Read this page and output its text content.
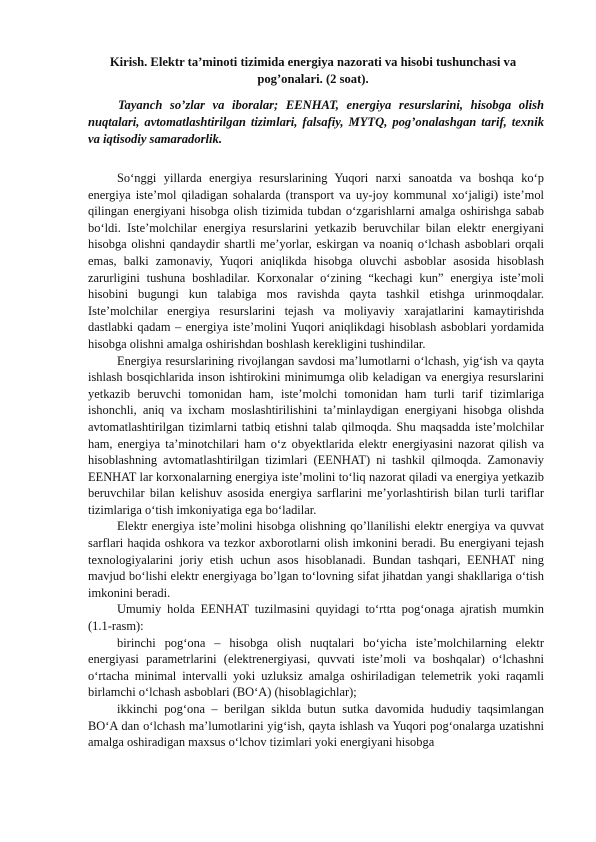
Kirish. Elektr ta’minoti tizimida energiya nazorati va hisobi tushunchasi va pog’onalari. (2 soat).
Tayanch so’zlar va iboralar; EENHAT, energiya resurslarini, hisobga olish nuqtalari, avtomatlashtirilgan tizimlari, falsafiy, MYTQ, pog’onalashgan tarif, texnik va iqtisodiy samaradorlik.

So‘nggi yillarda energiya resurslarining Yuqori narxi sanoatda va boshqa ko‘p energiya iste’mol qiladigan sohalarda (transport va uy-joy kommunal xo‘jaligi) iste’mol qilingan energiyani hisobga olish tizimida tubdan o‘zgarishlarni amalga oshirishga sabab bo‘ldi. Iste’molchilar energiya resurslarini yetkazib beruvchilar bilan elektr energiyani hisobga olishni qandaydir shartli me’yorlar, eskirgan va noaniq o‘lchash asboblari orqali emas, balki zamonaviy, Yuqori aniqlikda hisobga oluvchi asboblar asosida hisoblash zarurligini tushuna boshladilar. Korxonalar o‘zining “kechagi kun” energiya iste’moli hisobini bugungi kun talabiga mos ravishda qayta tashkil etishga urinmoqdalar. Iste’molchilar energiya resurslarini tejash va moliyaviy xarajatlarini kamaytirishda dastlabki qadam – energiya iste’molini Yuqori aniqlikdagi hisoblash asboblari yordamida hisobga olishni amalga oshirishdan boshlash kerekligini tushindilar.

Energiya resurslarining rivojlangan savdosi ma’lumotlarni o‘lchash, yig‘ish va qayta ishlash bosqichlarida inson ishtirokini minimumga olib keladigan va energiya resurslarini yetkazib beruvchi tomonidan ham, iste’molchi tomonidan ham turli tarif tizimlariga ishonchli, aniq va ixcham moslashtirilishini ta’minlaydigan energiyani hisobga olishda avtomatlashtirilgan tizimlarni tatbiq etishni talab qilmoqda. Shu maqsadda iste’molchilar ham, energiya ta’minotchilari ham o‘z obyektlarida elektr energiyasini nazorat qilish va hisoblashning avtomatlashtirilgan tizimlari (EENHAT) ni tashkil qilmoqda. Zamonaviy EENHAT lar korxonalarning energiya iste’molini to‘liq nazorat qiladi va energiya yetkazib beruvchilar bilan kelishuv asosida energiya sarflarini me’yorlashtirish bilan turli tariflar tizimlariga o‘tish imkoniyatiga ega bo‘ladilar.

Elektr energiya iste’molini hisobga olishning qo’llanilishi elektr energiya va quvvat sarflari haqida oshkora va tezkor axborotlarni olish imkonini beradi. Bu energiyani tejash texnologiyalarini joriy etish uchun asos hisoblanadi. Bundan tashqari, EENHAT ning mavjud bo‘lishi elektr energiyaga bo’lgan to‘lovning sifat jihatdan yangi shakllariga o‘tish imkonini beradi.

Umumiy holda EENHAT tuzilmasini quyidagi to‘rtta pog‘onaga ajratish mumkin (1.1-rasm):

birinchi pog‘ona – hisobga olish nuqtalari bo‘yicha iste’molchilarning elektr energiyasi parametrlarini (elektrenergiyasi, quvvati iste’moli va boshqalar) o‘lchashni o‘rtacha minimal intervalli yoki uzluksiz amalga oshiriladigan telemetrik yoki raqamli birlamchi o‘lchash asboblari (BO‘A) (hisoblagichlar);

ikkinchi pog‘ona – berilgan siklda butun sutka davomida hududiy taqsimlangan BO‘A dan o‘lchash ma’lumotlarini yig‘ish, qayta ishlash va Yuqori pog‘onalarga uzatishni amalga oshiradigan maxsus o‘lchov tizimlari yoki energiyani hisobga
